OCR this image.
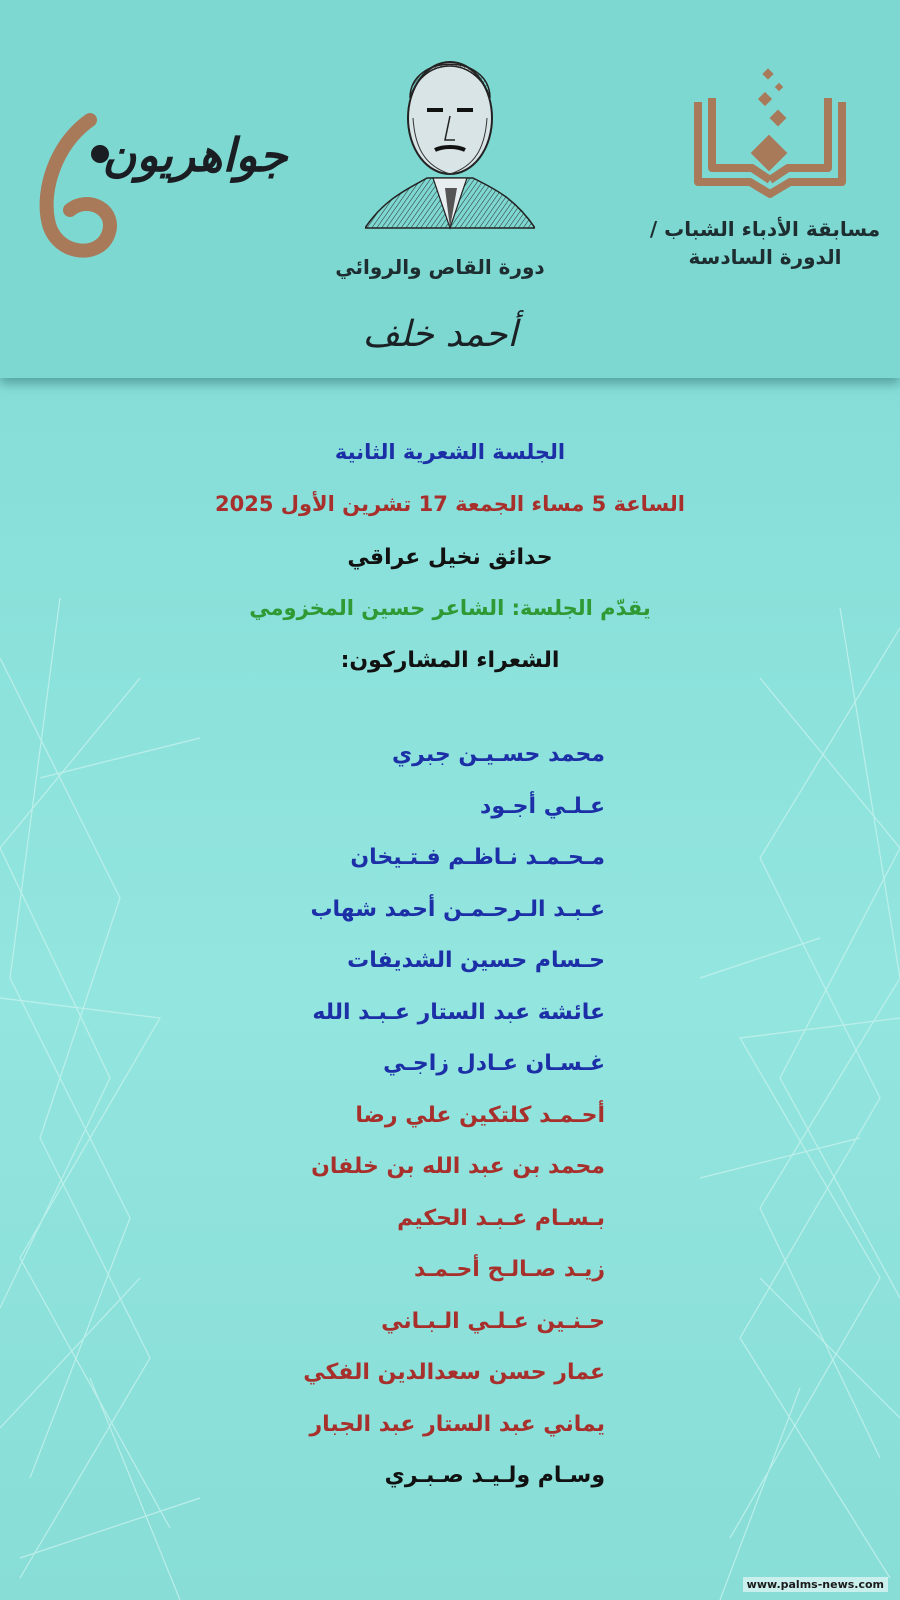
مسابقة الأدباء الشباب /
الدورة السادسة
دورة القاص والروائي
أحمد خلف
جواهريون
الجلسة الشعرية الثانية
الساعة 5 مساء الجمعة 17 تشرين الأول 2025
حدائق نخيل عراقي
يقدّم الجلسة: الشاعر حسين المخزومي
الشعراء المشاركون:
محمد حسـيـن جبري
عـلـي أجـود
مـحـمـد نـاظـم فـتـيخان
عـبـد الـرحـمـن أحمد شهاب
حـسام حسين الشديفات
عائشة عبد الستار عـبـد الله
غـسـان عـادل زاجـي
أحـمـد كلتكين علي رضا
محمد بن عبد الله بن خلفان
بـسـام عـبـد الحكيم
زيـد صـالـح أحـمـد
حـنـين عـلـي الـبـاني
عمار حسن سعدالدين الفكي
يماني عبد الستار عبد الجبار
وسـام ولـيـد صـبـري
www.palms-news.com
